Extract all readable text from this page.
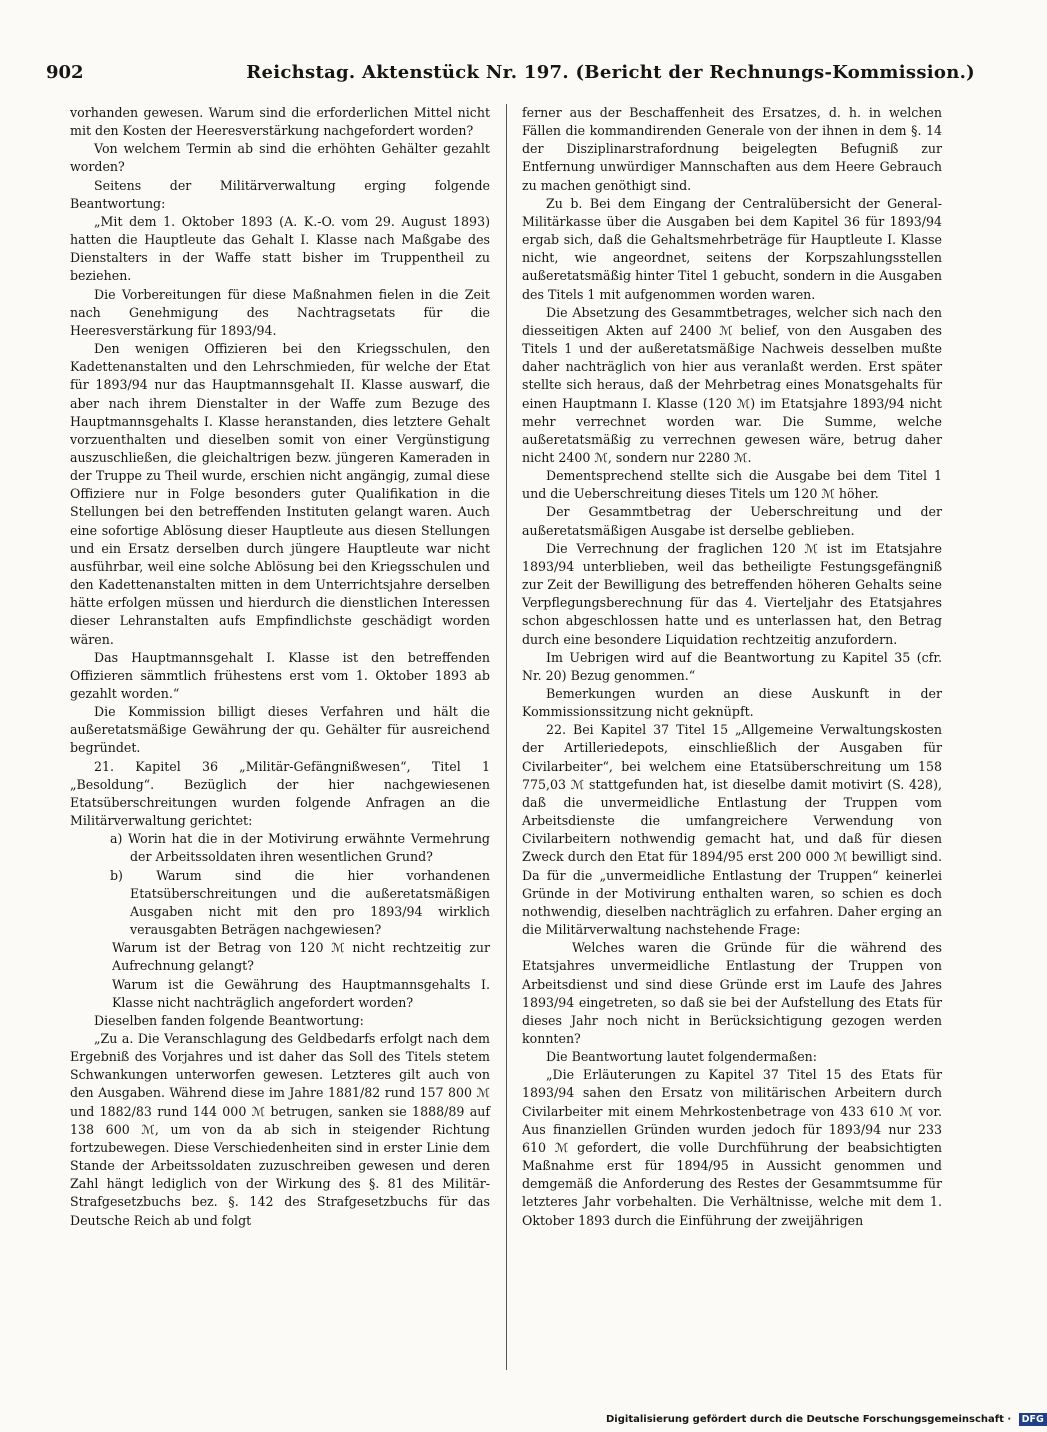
902	Reichstag. Aktenstück Nr. 197. (Bericht der Rechnungs-Kommission.)

vorhanden gewesen. Warum sind die erforderlichen Mittel nicht mit den Kosten der Heeresverstärkung nachgefordert worden?

Von welchem Termin ab sind die erhöhten Gehälter gezahlt worden?

Seitens der Militärverwaltung erging folgende Beantwortung:

„Mit dem 1. Oktober 1893 (A. K.-O. vom 29. August 1893) hatten die Hauptleute das Gehalt I. Klasse nach Maßgabe des Dienstalters in der Waffe statt bisher im Truppentheil zu beziehen.

Die Vorbereitungen für diese Maßnahmen fielen in die Zeit nach Genehmigung des Nachtragsetats für die Heeresverstärkung für 1893/94.

Den wenigen Offizieren bei den Kriegsschulen, den Kadettenanstalten und den Lehrschmieden, für welche der Etat für 1893/94 nur das Hauptmannsgehalt II. Klasse auswarf, die aber nach ihrem Dienstalter in der Waffe zum Bezuge des Hauptmannsgehalts I. Klasse heranstanden, dies letztere Gehalt vorzuenthalten und dieselben somit von einer Vergünstigung auszuschließen, die gleichaltrigen bezw. jüngeren Kameraden in der Truppe zu Theil wurde, erschien nicht angängig, zumal diese Offiziere nur in Folge besonders guter Qualifikation in die Stellungen bei den betreffenden Instituten gelangt waren. Auch eine sofortige Ablösung dieser Hauptleute aus diesen Stellungen und ein Ersatz derselben durch jüngere Hauptleute war nicht ausführbar, weil eine solche Ablösung bei den Kriegsschulen und den Kadettenanstalten mitten in dem Unterrichtsjahre derselben hätte erfolgen müssen und hierdurch die dienstlichen Interessen dieser Lehranstalten aufs Empfindlichste geschädigt worden wären.

Das Hauptmannsgehalt I. Klasse ist den betreffenden Offizieren sämmtlich frühestens erst vom 1. Oktober 1893 ab gezahlt worden.“

Die Kommission billigt dieses Verfahren und hält die außeretatsmäßige Gewährung der qu. Gehälter für ausreichend begründet.

21. Kapitel 36 „Militär-Gefängnißwesen“, Titel 1 „Besoldung“. Bezüglich der hier nachgewiesenen Etatsüberschreitungen wurden folgende Anfragen an die Militärverwaltung gerichtet:

a) Worin hat die in der Motivirung erwähnte Vermehrung der Arbeitssoldaten ihren wesentlichen Grund?

b) Warum sind die hier vorhandenen Etatsüberschreitungen und die außeretatsmäßigen Ausgaben nicht mit den pro 1893/94 wirklich verausgabten Beträgen nachgewiesen?

Warum ist der Betrag von 120 ℳ nicht rechtzeitig zur Aufrechnung gelangt?

Warum ist die Gewährung des Hauptmannsgehalts I. Klasse nicht nachträglich angefordert worden?

Dieselben fanden folgende Beantwortung:

„Zu a. Die Veranschlagung des Geldbedarfs erfolgt nach dem Ergebniß des Vorjahres und ist daher das Soll des Titels stetem Schwankungen unterworfen gewesen. Letzteres gilt auch von den Ausgaben. Während diese im Jahre 1881/82 rund 157 800 ℳ und 1882/83 rund 144 000 ℳ betrugen, sanken sie 1888/89 auf 138 600 ℳ, um von da ab sich in steigender Richtung fortzubewegen. Diese Verschiedenheiten sind in erster Linie dem Stande der Arbeitssoldaten zuzuschreiben gewesen und deren Zahl hängt lediglich von der Wirkung des §. 81 des Militär-Strafgesetzbuchs bez. §. 142 des Strafgesetzbuchs für das Deutsche Reich ab und folgt

ferner aus der Beschaffenheit des Ersatzes, d. h. in welchen Fällen die kommandirenden Generale von der ihnen in dem §. 14 der Disziplinarstrafordnung beigelegten Befugniß zur Entfernung unwürdiger Mannschaften aus dem Heere Gebrauch zu machen genöthigt sind.

Zu b. Bei dem Eingang der Centralübersicht der General-Militärkasse über die Ausgaben bei dem Kapitel 36 für 1893/94 ergab sich, daß die Gehaltsmehrbeträge für Hauptleute I. Klasse nicht, wie angeordnet, seitens der Korpszahlungsstellen außeretatsmäßig hinter Titel 1 gebucht, sondern in die Ausgaben des Titels 1 mit aufgenommen worden waren.

Die Absetzung des Gesammtbetrages, welcher sich nach den diesseitigen Akten auf 2400 ℳ belief, von den Ausgaben des Titels 1 und der außeretatsmäßige Nachweis desselben mußte daher nachträglich von hier aus veranlaßt werden. Erst später stellte sich heraus, daß der Mehrbetrag eines Monatsgehalts für einen Hauptmann I. Klasse (120 ℳ) im Etatsjahre 1893/94 nicht mehr verrechnet worden war. Die Summe, welche außeretatsmäßig zu verrechnen gewesen wäre, betrug daher nicht 2400 ℳ, sondern nur 2280 ℳ.

Dementsprechend stellte sich die Ausgabe bei dem Titel 1 und die Ueberschreitung dieses Titels um 120 ℳ höher.

Der Gesammtbetrag der Ueberschreitung und der außeretatsmäßigen Ausgabe ist derselbe geblieben.

Die Verrechnung der fraglichen 120 ℳ ist im Etatsjahre 1893/94 unterblieben, weil das betheiligte Festungsgefängniß zur Zeit der Bewilligung des betreffenden höheren Gehalts seine Verpflegungsberechnung für das 4. Vierteljahr des Etatsjahres schon abgeschlossen hatte und es unterlassen hat, den Betrag durch eine besondere Liquidation rechtzeitig anzufordern.

Im Uebrigen wird auf die Beantwortung zu Kapitel 35 (cfr. Nr. 20) Bezug genommen.“

Bemerkungen wurden an diese Auskunft in der Kommissionssitzung nicht geknüpft.

22. Bei Kapitel 37 Titel 15 „Allgemeine Verwaltungskosten der Artilleriedepots, einschließlich der Ausgaben für Civilarbeiter“, bei welchem eine Etatsüberschreitung um 158 775,03 ℳ stattgefunden hat, ist dieselbe damit motivirt (S. 428), daß die unvermeidliche Entlastung der Truppen vom Arbeitsdienste die umfangreichere Verwendung von Civilarbeitern nothwendig gemacht hat, und daß für diesen Zweck durch den Etat für 1894/95 erst 200 000 ℳ bewilligt sind. Da für die „unvermeidliche Entlastung der Truppen“ keinerlei Gründe in der Motivirung enthalten waren, so schien es doch nothwendig, dieselben nachträglich zu erfahren. Daher erging an die Militärverwaltung nachstehende Frage:

Welches waren die Gründe für die während des Etatsjahres unvermeidliche Entlastung der Truppen von Arbeitsdienst und sind diese Gründe erst im Laufe des Jahres 1893/94 eingetreten, so daß sie bei der Aufstellung des Etats für dieses Jahr noch nicht in Berücksichtigung gezogen werden konnten?

Die Beantwortung lautet folgendermaßen:

„Die Erläuterungen zu Kapitel 37 Titel 15 des Etats für 1893/94 sahen den Ersatz von militärischen Arbeitern durch Civilarbeiter mit einem Mehrkostenbetrage von 433 610 ℳ vor. Aus finanziellen Gründen wurden jedoch für 1893/94 nur 233 610 ℳ gefordert, die volle Durchführung der beabsichtigten Maßnahme erst für 1894/95 in Aussicht genommen und demgemäß die Anforderung des Restes der Gesammtsumme für letzteres Jahr vorbehalten. Die Verhältnisse, welche mit dem 1. Oktober 1893 durch die Einführung der zweijährigen

Digitalisierung gefördert durch die Deutsche Forschungsgemeinschaft · DFG
